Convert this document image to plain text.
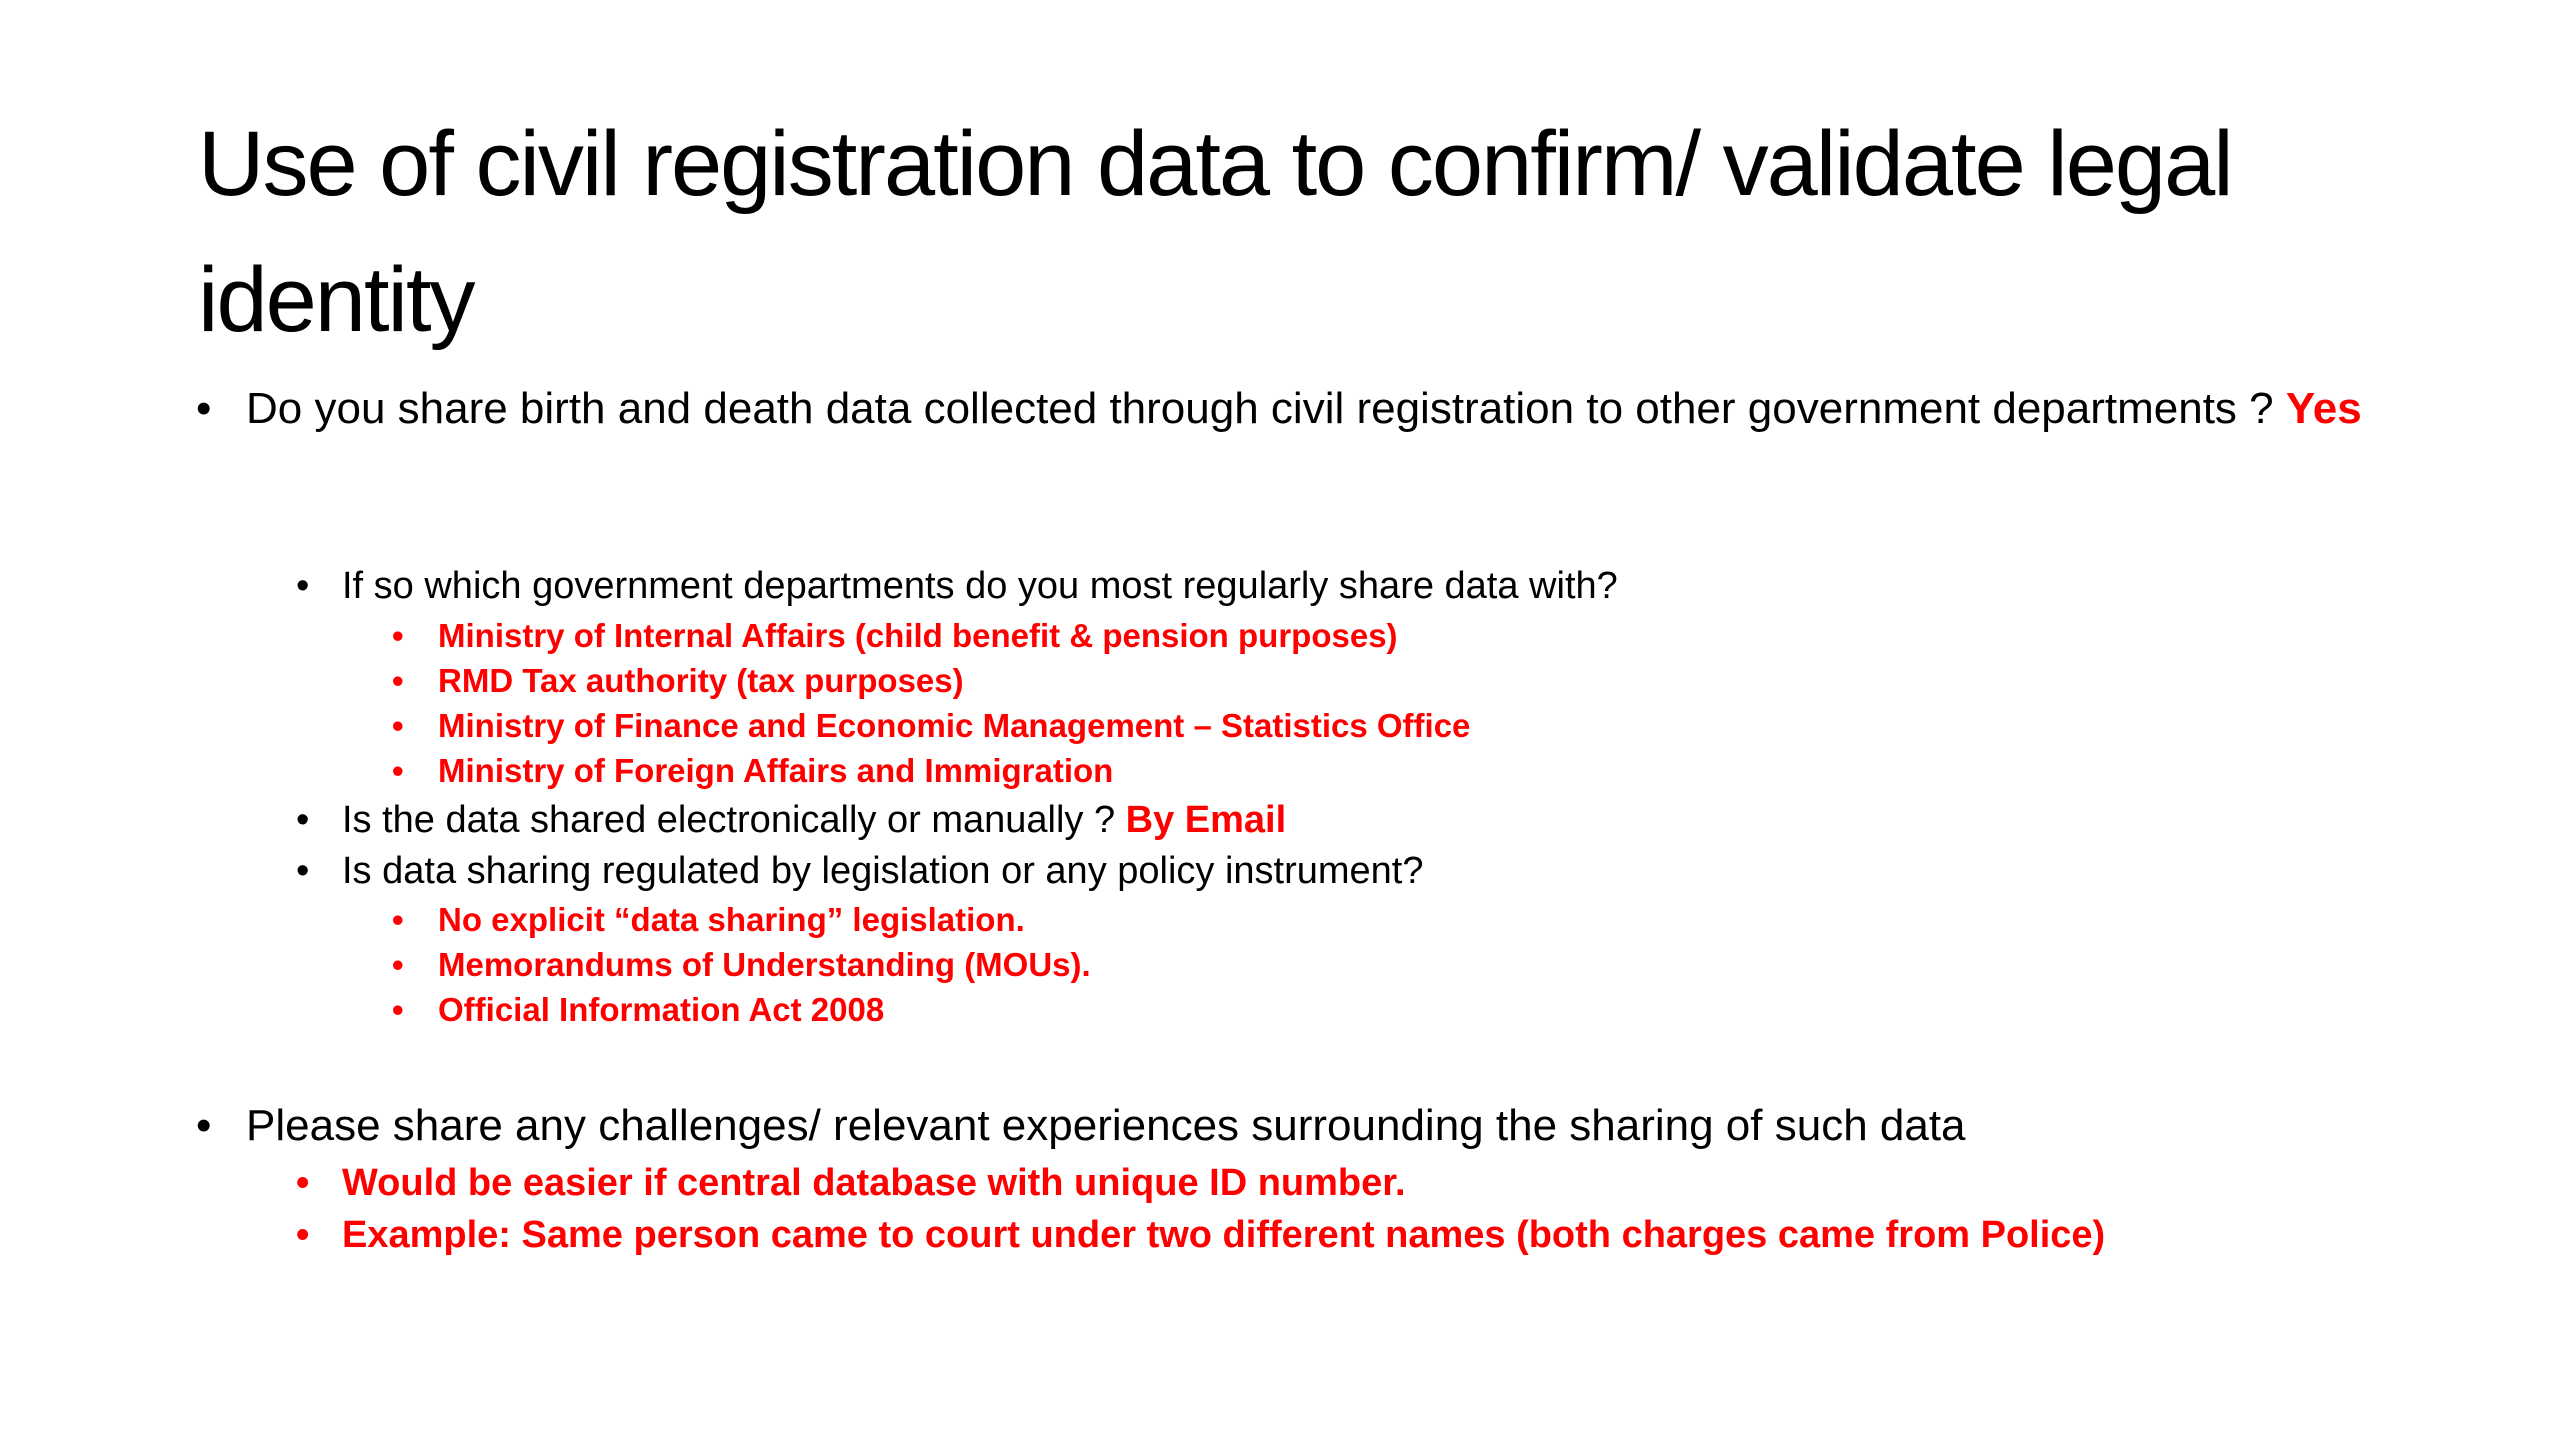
Use of civil registration data to confirm/ validate legal identity

• Do you share birth and death data collected through civil registration to other government departments ? Yes

• If so which government departments do you most regularly share data with?

• Ministry of Internal Affairs (child benefit & pension purposes)

• RMD Tax authority (tax purposes)

• Ministry of Finance and Economic Management – Statistics Office

• Ministry of Foreign Affairs and Immigration

• Is the data shared electronically or manually ? By Email

• Is data sharing regulated by legislation or any policy instrument?

• No explicit “data sharing” legislation.

• Memorandums of Understanding (MOUs).

• Official Information Act 2008

• Please share any challenges/ relevant experiences surrounding the sharing of such data

• Would be easier if central database with unique ID number.

• Example: Same person came to court under two different names (both charges came from Police)
